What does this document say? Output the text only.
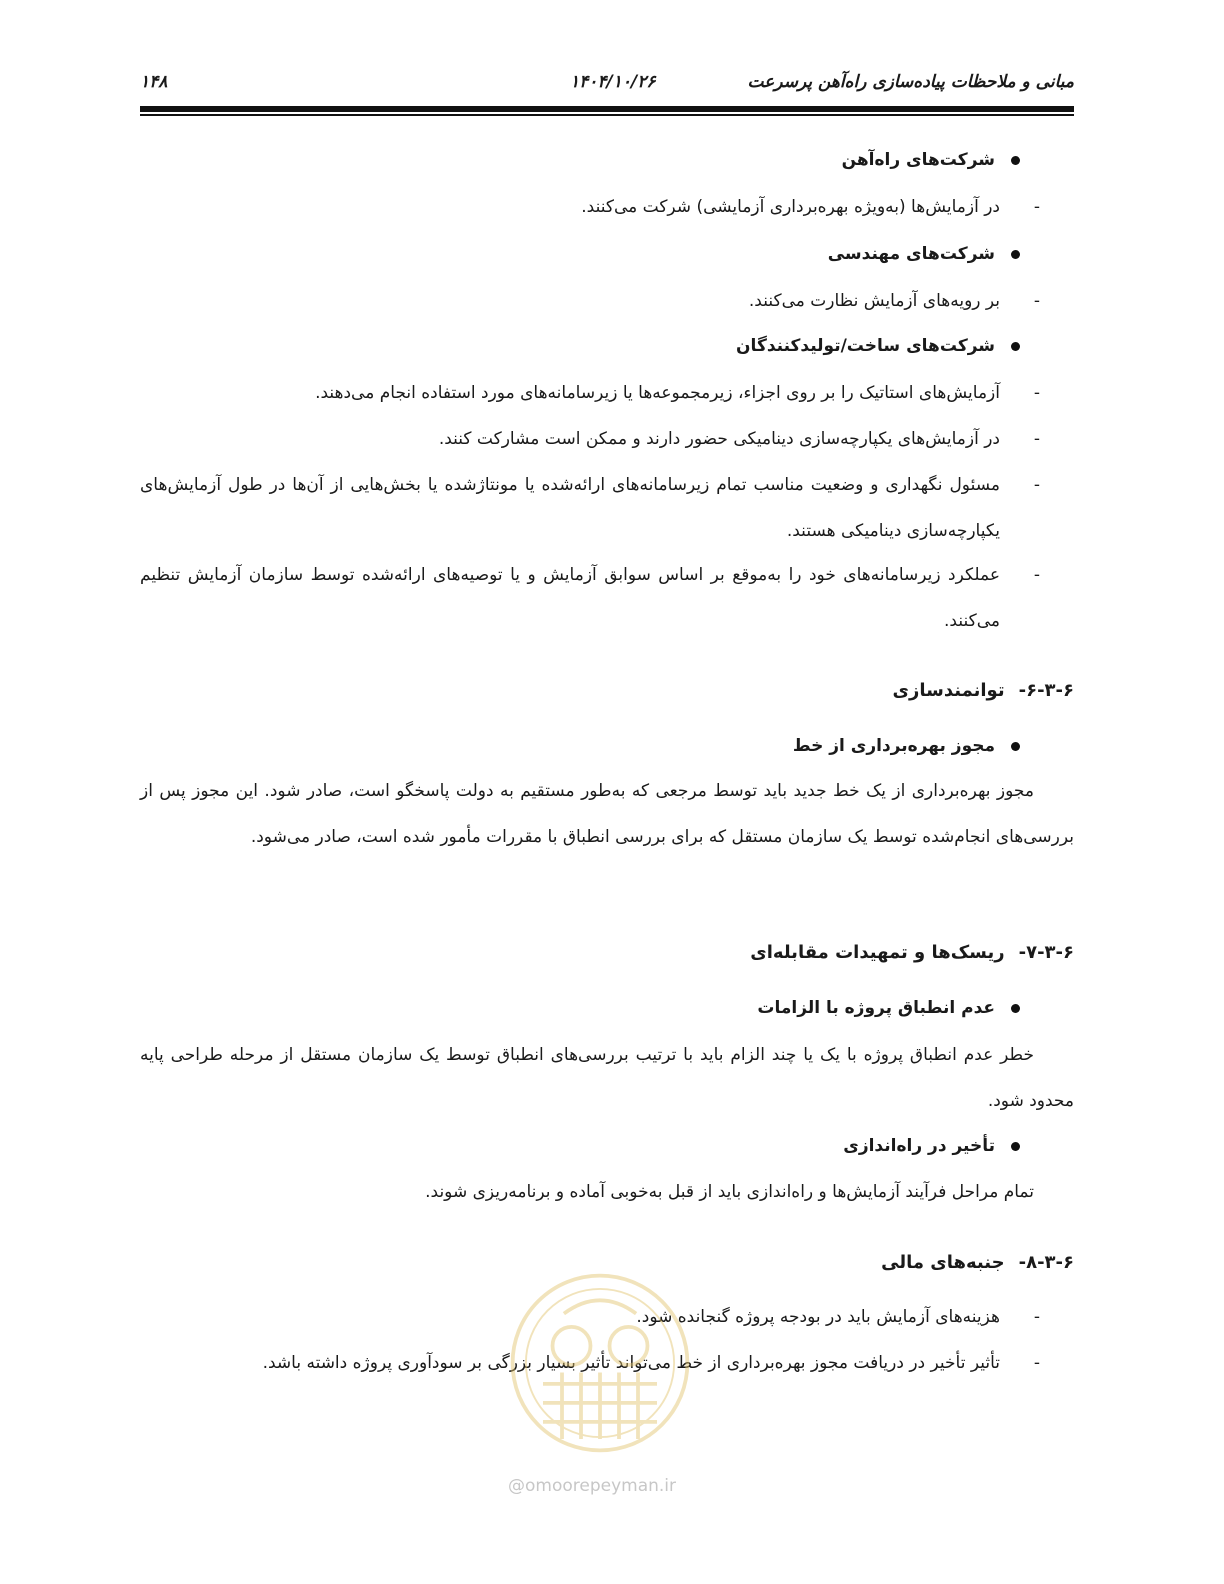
۱۴۸	۱۴۰۴/۱۰/۲۶	مبانی و ملاحظات پیاده‌سازی راه‌آهن پرسرعت
شرکت‌های راه‌آهن
-
در آزمایش‌ها (به‌ویژه بهره‌برداری آزمایشی) شرکت می‌کنند.
شرکت‌های مهندسی
-
بر رویه‌های آزمایش نظارت می‌کنند.
شرکت‌های ساخت/تولیدکنندگان
-
آزمایش‌های استاتیک را بر روی اجزاء، زیرمجموعه‌ها یا زیرسامانه‌های مورد استفاده انجام می‌دهند.
-
در آزمایش‌های یکپارچه‌سازی دینامیکی حضور دارند و ممکن است مشارکت کنند.
-
مسئول نگهداری و وضعیت مناسب تمام زیرسامانه‌های ارائه‌شده یا مونتاژشده یا بخش‌هایی از آن‌ها در طول آزمایش‌های یکپارچه‌سازی دینامیکی هستند.
-
عملکرد زیرسامانه‌های خود را به‌موقع بر اساس سوابق آزمایش و یا توصیه‌های ارائه‌شده توسط سازمان آزمایش تنظیم می‌کنند.
۶-۳-۶-توانمندسازی
مجوز بهره‌برداری از خط
مجوز بهره‌برداری از یک خط جدید باید توسط مرجعی که به‌طور مستقیم به دولت پاسخگو است، صادر شود. این مجوز پس از بررسی‌های انجام‌شده توسط یک سازمان مستقل که برای بررسی انطباق با مقررات مأمور شده است، صادر می‌شود.
۷-۳-۶-ریسک‌ها و تمهیدات مقابله‌ای
عدم انطباق پروژه با الزامات
خطر عدم انطباق پروژه با یک یا چند الزام باید با ترتیب بررسی‌های انطباق توسط یک سازمان مستقل از مرحله طراحی پایه محدود شود.
تأخیر در راه‌اندازی
تمام مراحل فرآیند آزمایش‌ها و راه‌اندازی باید از قبل به‌خوبی آماده و برنامه‌ریزی شوند.
۸-۳-۶-جنبه‌های مالی
-
هزینه‌های آزمایش باید در بودجه پروژه گنجانده شود.
-
تأثیر تأخیر در دریافت مجوز بهره‌برداری از خط می‌تواند تأثیر بسیار بزرگی بر سودآوری پروژه داشته باشد.
@omoorepeyman.ir
